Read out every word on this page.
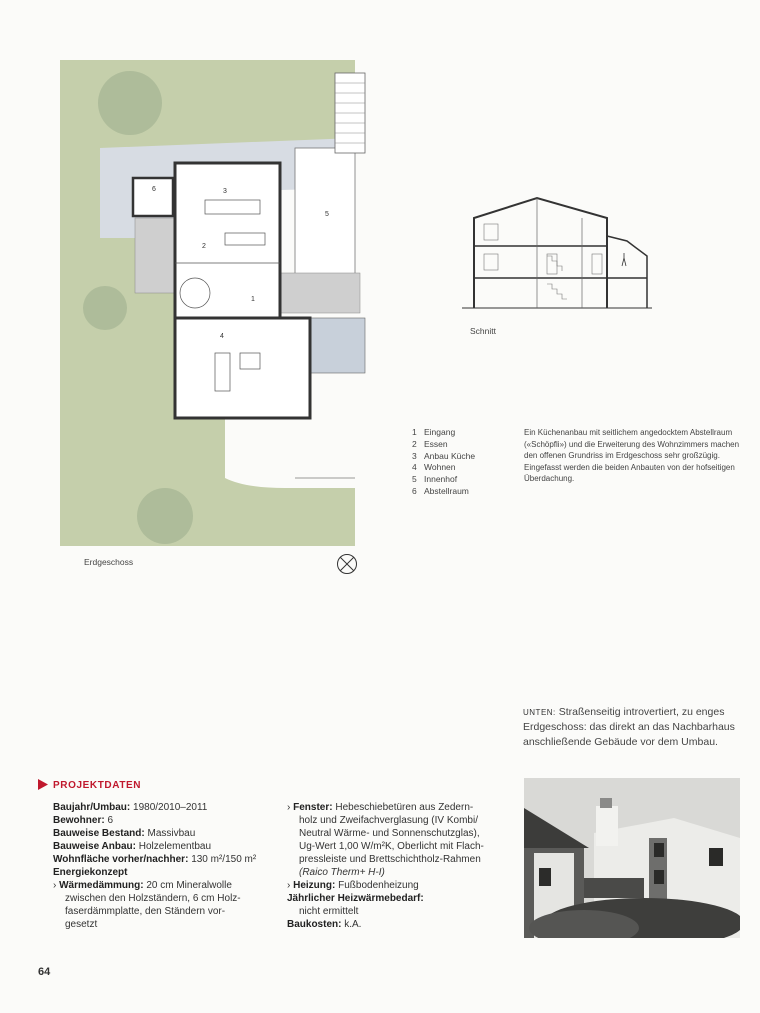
1
2
3
4
5
6
Erdgeschoss
Schnitt
1 Eingang
2 Essen
3 Anbau Küche
4 Wohnen
5 Innenhof
6 Abstellraum
Ein Küchenanbau mit seitlichem angedocktem Abstellraum («Schöpfli») und die Erweiterung des Wohnzimmers machen den offenen Grundriss im Erdgeschoss sehr großzügig. Eingefasst werden die beiden Anbauten von der hofseitigen Überdachung.
UNTEN: Straßenseitig introvertiert, zu enges Erdgeschoss: das direkt an das Nachbarhaus anschließende Gebäude vor dem Umbau.
PROJEKTDATEN
Baujahr/Umbau: 1980/2010–2011
Bewohner: 6
Bauweise Bestand: Massivbau
Bauweise Anbau: Holzelementbau
Wohnfläche vorher/nachher: 130 m²/150 m²
Energiekonzept
› Wärmedämmung: 20 cm Mineralwolle
zwischen den Holzständern, 6 cm Holz-
faserdämmplatte, den Ständern vor-
gesetzt
› Fenster: Hebeschiebetüren aus Zedern-
holz und Zweifachverglasung (IV Kombi/
Neutral Wärme- und Sonnenschutzglas),
Ug-Wert 1,00 W/m²K, Oberlicht mit Flach-
pressleiste und Brettschichtholz-Rahmen
(Raico Therm+ H-I)
› Heizung: Fußbodenheizung
Jährlicher Heizwärmebedarf:
nicht ermittelt
Baukosten: k.A.
64
